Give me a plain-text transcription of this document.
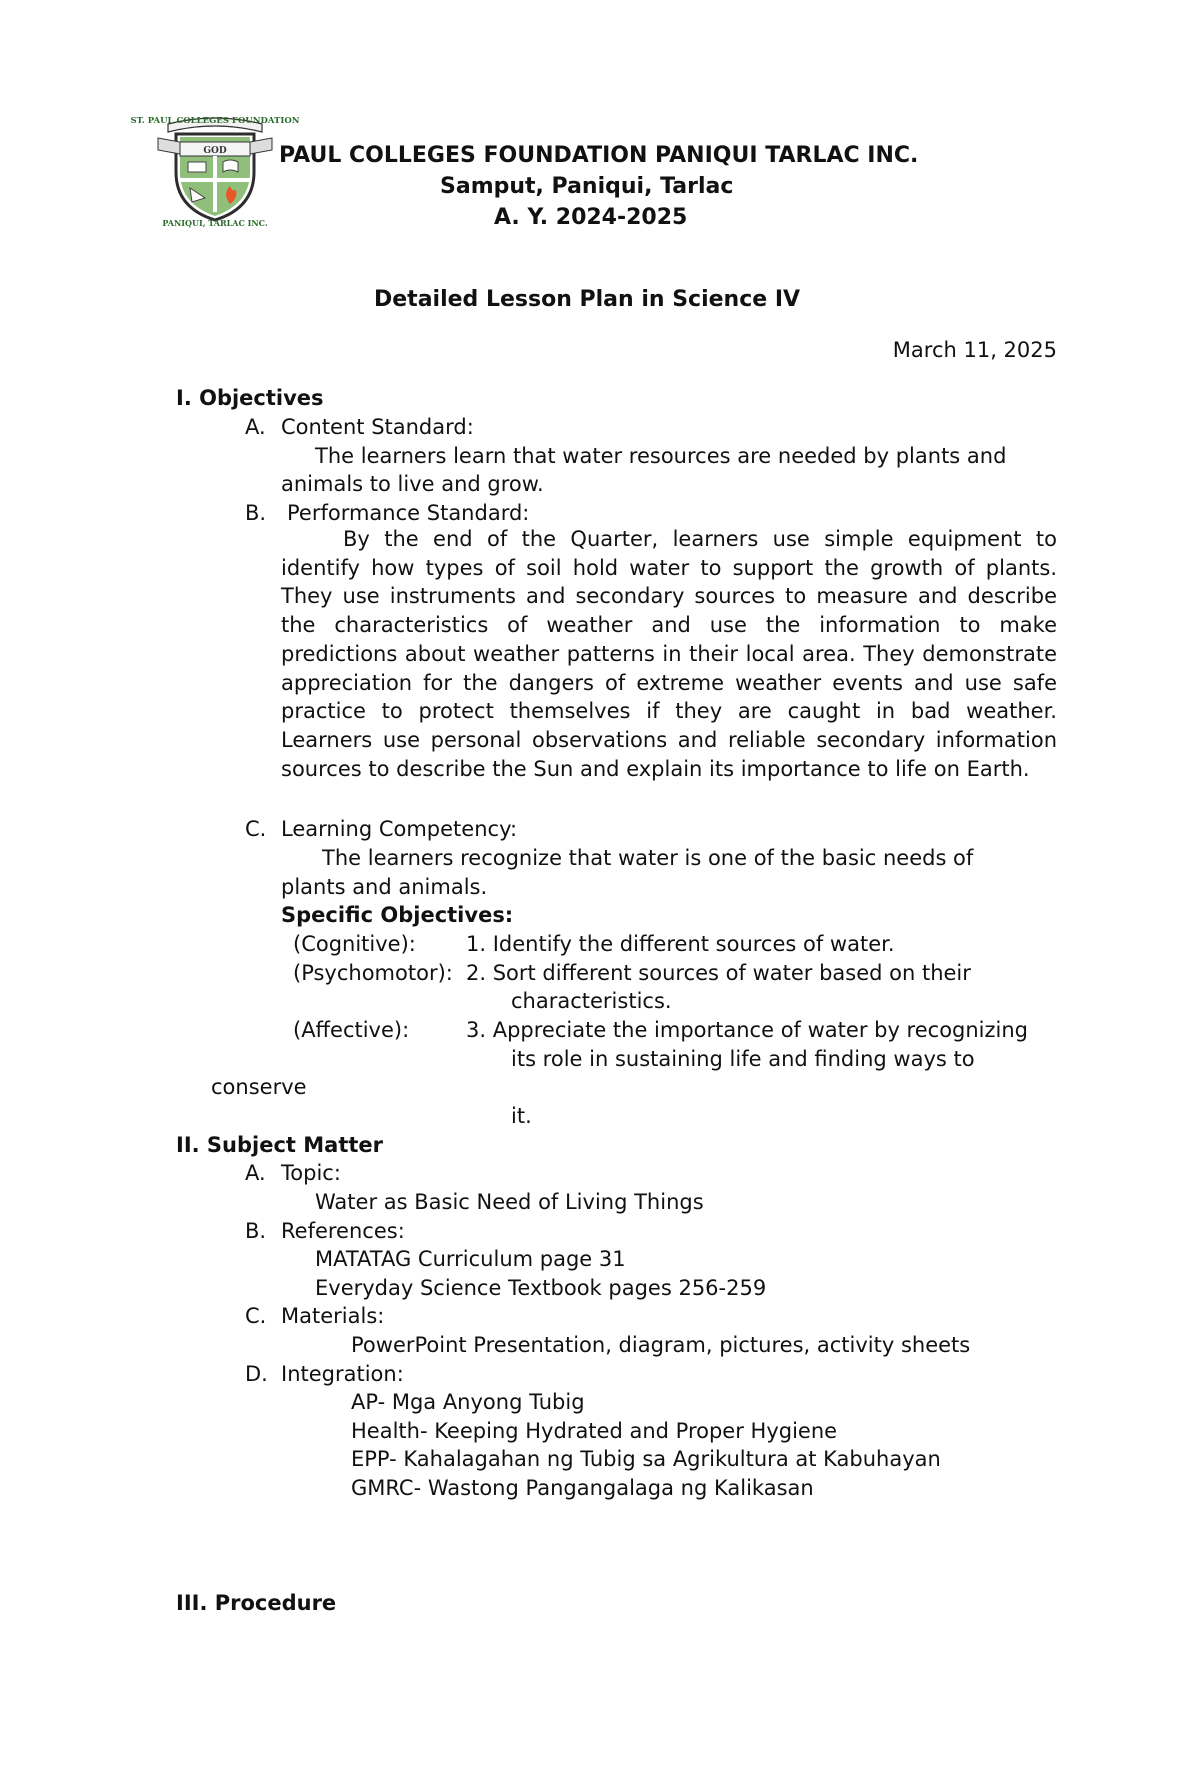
ST. PAUL COLLEGES FOUNDATION
GOD
PANIQUI, TARLAC INC.
PAUL COLLEGES FOUNDATION PANIQUI TARLAC INC.
Samput, Paniqui, Tarlac
A. Y. 2024-2025
Detailed Lesson Plan in Science IV
March 11, 2025
I. Objectives
A. Content Standard:
The learners learn that water resources are needed by plants and
animals to live and grow.
B. Performance Standard:
By the end of the Quarter, learners use simple equipment to identify how types of soil hold water to support the growth of plants. They use instruments and secondary sources to measure and describe the characteristics of weather and use the information to make predictions about weather patterns in their local area. They demonstrate appreciation for the dangers of extreme weather events and use safe practice to protect themselves if they are caught in bad weather. Learners use personal observations and reliable secondary information sources to describe the Sun and explain its importance to life on Earth.
C. Learning Competency:
The learners recognize that water is one of the basic needs of
plants and animals.
Specific Objectives:
(Cognitive): 1. Identify the different sources of water.
(Psychomotor): 2. Sort different sources of water based on their
characteristics.
(Affective):	3. Appreciate the importance of water by recognizing
its role in sustaining life and finding ways to
conserve
it.
II. Subject Matter
A. Topic:
Water as Basic Need of Living Things
B. References:
MATATAG Curriculum page 31
Everyday Science Textbook pages 256-259
C. Materials:
PowerPoint Presentation, diagram, pictures, activity sheets
D. Integration:
AP- Mga Anyong Tubig
Health- Keeping Hydrated and Proper Hygiene
EPP- Kahalagahan ng Tubig sa Agrikultura at Kabuhayan
GMRC- Wastong Pangangalaga ng Kalikasan
III. Procedure
